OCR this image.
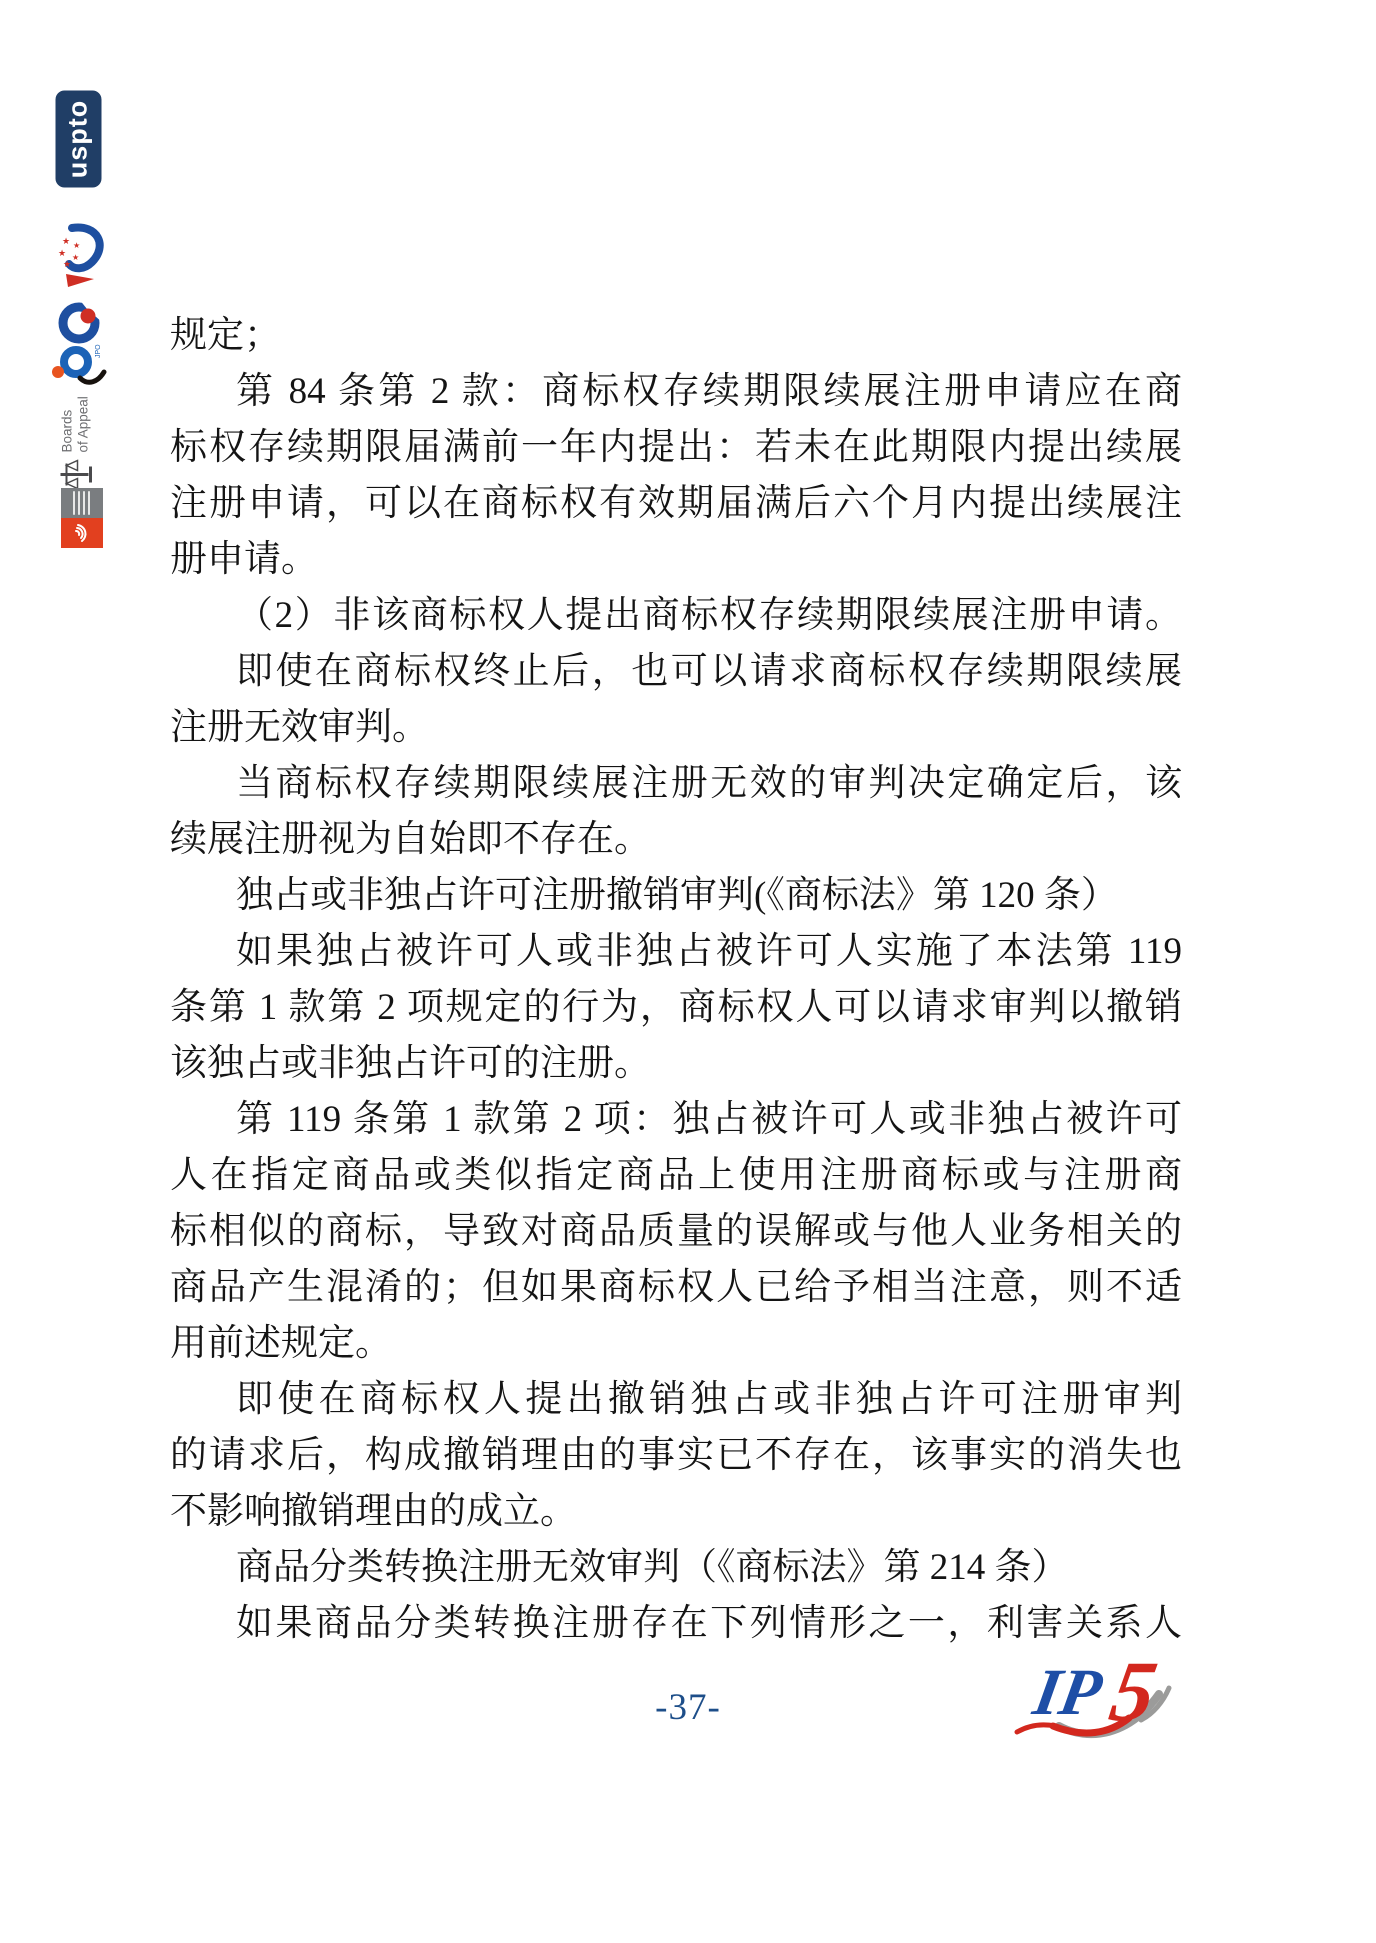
uspto
★
★
★
★
★
JPO
Boards of Appeal
规定；
第 84 条第 2 款：商标权存续期限续展注册申请应在商
标权存续期限届满前一年内提出：若未在此期限内提出续展
注册申请，可以在商标权有效期届满后六个月内提出续展注
册申请。
（2）非该商标权人提出商标权存续期限续展注册申请。
即使在商标权终止后，也可以请求商标权存续期限续展
注册无效审判。
当商标权存续期限续展注册无效的审判决定确定后，该
续展注册视为自始即不存在。
独占或非独占许可注册撤销审判(《商标法》第 120 条）
如果独占被许可人或非独占被许可人实施了本法第 119
条第 1 款第 2 项规定的行为，商标权人可以请求审判以撤销
该独占或非独占许可的注册。
第 119 条第 1 款第 2 项：独占被许可人或非独占被许可
人在指定商品或类似指定商品上使用注册商标或与注册商
标相似的商标，导致对商品质量的误解或与他人业务相关的
商品产生混淆的；但如果商标权人已给予相当注意，则不适
用前述规定。
即使在商标权人提出撤销独占或非独占许可注册审判
的请求后，构成撤销理由的事实已不存在，该事实的消失也
不影响撤销理由的成立。
商品分类转换注册无效审判（《商标法》第 214 条）
如果商品分类转换注册存在下列情形之一，利害关系人
-37-	IP
5
